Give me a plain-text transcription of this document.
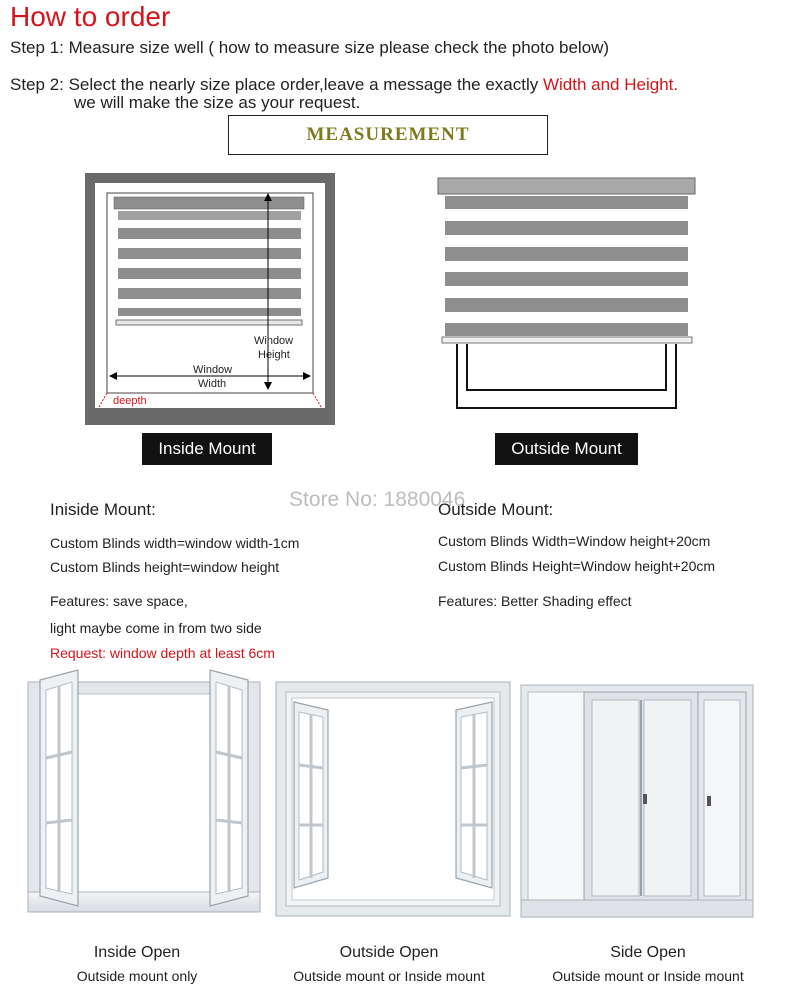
How to order
Step 1: Measure size well ( how to measure size please check the photo below)
Step 2: Select the nearly size place order,leave a message the exactly Width and Height.
we will make the size as your request.
MEASUREMENT
Window
Height
Window
Width
deepth
Inside Mount	Outside Mount
Store No: 1880046
Iniside Mount:
Custom Blinds width=window width-1cm
Custom Blinds height=window height
Features: save space,
light maybe come in from two side
Request: window depth at least 6cm
Outside Mount:
Custom Blinds Width=Window height+20cm
Custom Blinds Height=Window height+20cm
Features: Better Shading effect
Inside Open
Outside mount only
Outside Open
Outside mount or Inside mount
Side Open
Outside mount or Inside mount
